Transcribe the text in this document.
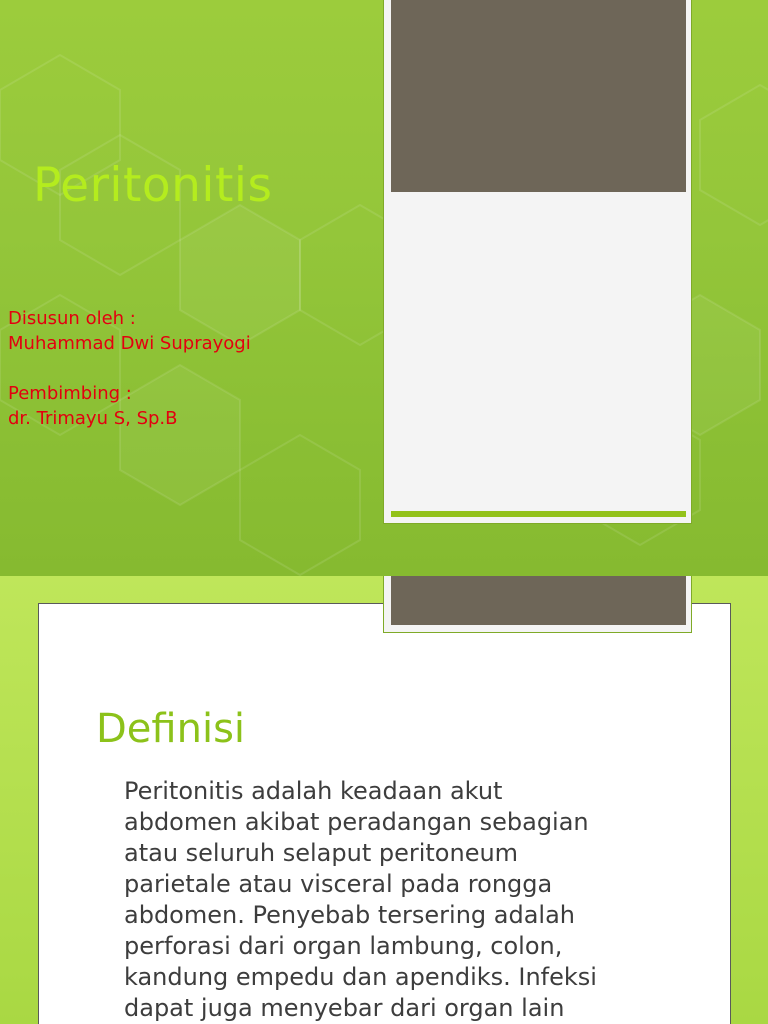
Peritonitis
Disusun oleh :
Muhammad Dwi Suprayogi
Pembimbing :
dr. Trimayu S, Sp.B
Definisi
Peritonitis adalah keadaan akut
abdomen akibat peradangan sebagian
atau seluruh selaput peritoneum
parietale atau visceral pada rongga
abdomen. Penyebab tersering adalah
perforasi dari organ lambung, colon,
kandung empedu dan apendiks. Infeksi
dapat juga menyebar dari organ lain
